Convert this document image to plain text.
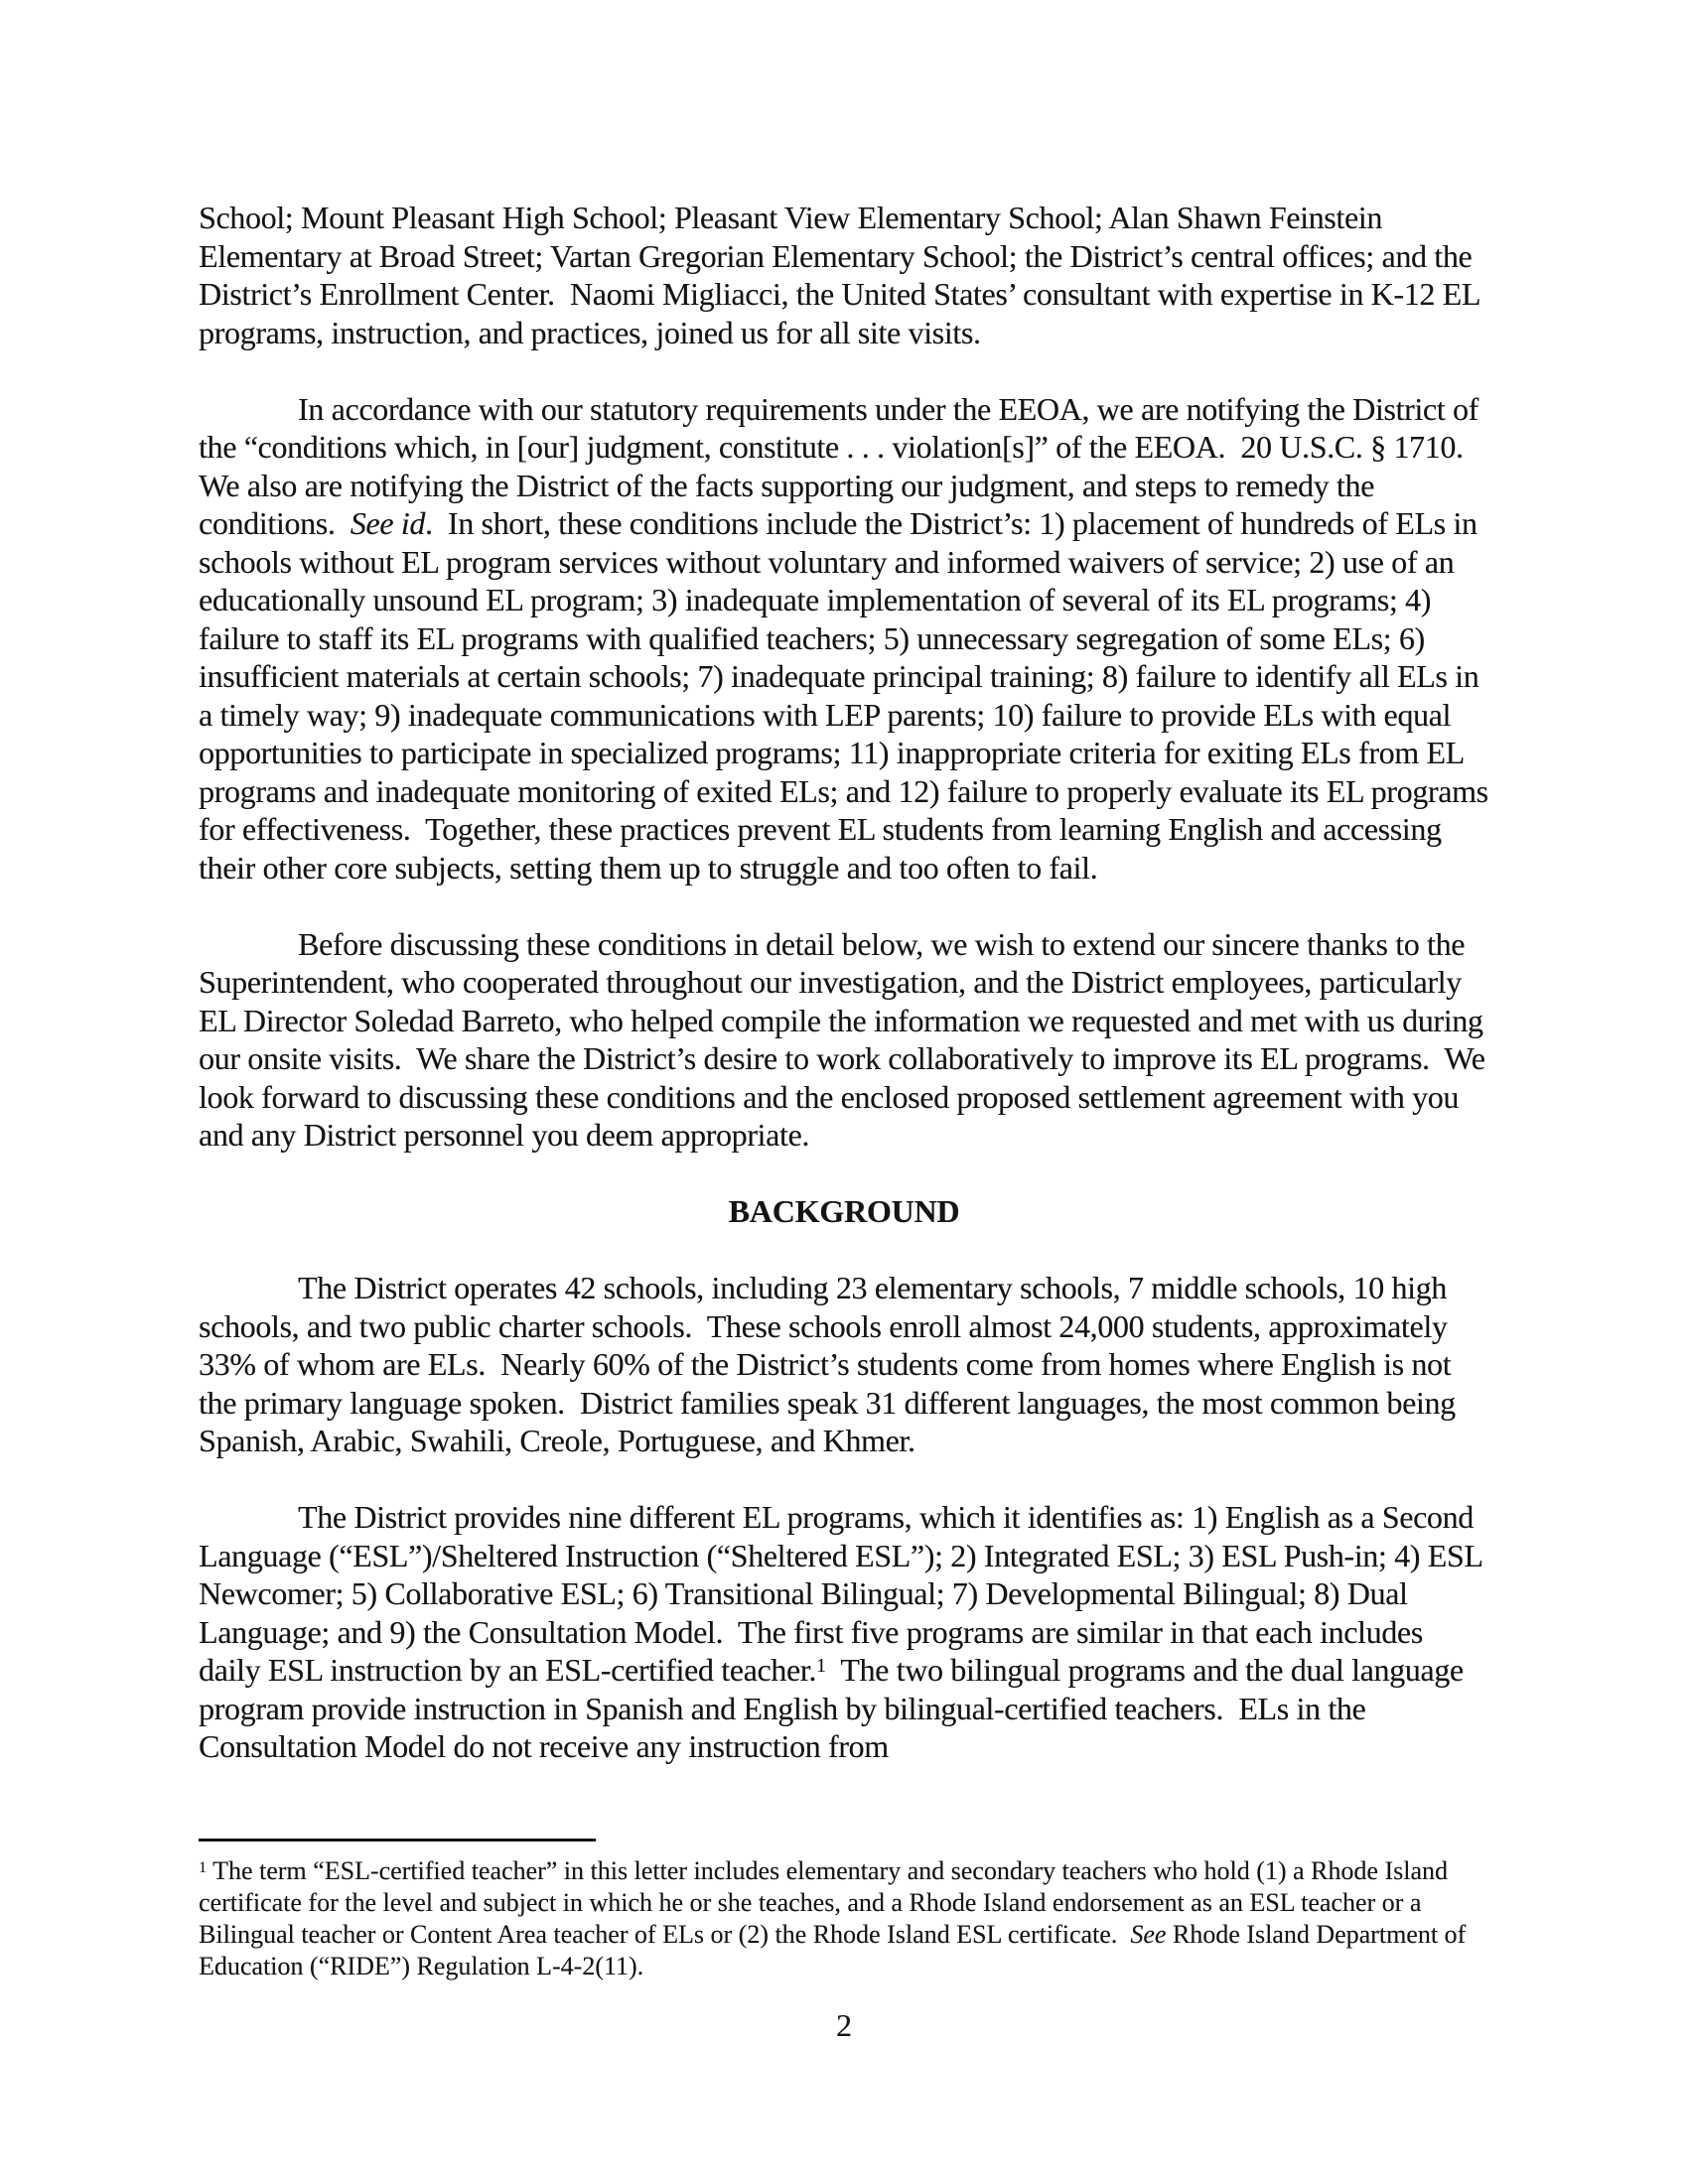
School; Mount Pleasant High School; Pleasant View Elementary School; Alan Shawn Feinstein Elementary at Broad Street; Vartan Gregorian Elementary School; the District’s central offices; and the District’s Enrollment Center.  Naomi Migliacci, the United States’ consultant with expertise in K-12 EL programs, instruction, and practices, joined us for all site visits.

In accordance with our statutory requirements under the EEOA, we are notifying the District of the “conditions which, in [our] judgment, constitute . . . violation[s]” of the EEOA.  20 U.S.C. § 1710.  We also are notifying the District of the facts supporting our judgment, and steps to remedy the conditions.  See id.  In short, these conditions include the District’s: 1) placement of hundreds of ELs in schools without EL program services without voluntary and informed waivers of service; 2) use of an educationally unsound EL program; 3) inadequate implementation of several of its EL programs; 4) failure to staff its EL programs with qualified teachers; 5) unnecessary segregation of some ELs; 6) insufficient materials at certain schools; 7) inadequate principal training; 8) failure to identify all ELs in a timely way; 9) inadequate communications with LEP parents; 10) failure to provide ELs with equal opportunities to participate in specialized programs; 11) inappropriate criteria for exiting ELs from EL programs and inadequate monitoring of exited ELs; and 12) failure to properly evaluate its EL programs for effectiveness.  Together, these practices prevent EL students from learning English and accessing their other core subjects, setting them up to struggle and too often to fail.

Before discussing these conditions in detail below, we wish to extend our sincere thanks to the Superintendent, who cooperated throughout our investigation, and the District employees, particularly EL Director Soledad Barreto, who helped compile the information we requested and met with us during our onsite visits.  We share the District’s desire to work collaboratively to improve its EL programs.  We look forward to discussing these conditions and the enclosed proposed settlement agreement with you and any District personnel you deem appropriate.

BACKGROUND

The District operates 42 schools, including 23 elementary schools, 7 middle schools, 10 high schools, and two public charter schools.  These schools enroll almost 24,000 students, approximately 33% of whom are ELs.  Nearly 60% of the District’s students come from homes where English is not the primary language spoken.  District families speak 31 different languages, the most common being Spanish, Arabic, Swahili, Creole, Portuguese, and Khmer.

The District provides nine different EL programs, which it identifies as: 1) English as a Second Language (“ESL”)/Sheltered Instruction (“Sheltered ESL”); 2) Integrated ESL; 3) ESL Push-in; 4) ESL Newcomer; 5) Collaborative ESL; 6) Transitional Bilingual; 7) Developmental Bilingual; 8) Dual Language; and 9) the Consultation Model.  The first five programs are similar in that each includes daily ESL instruction by an ESL-certified teacher.$^1$  The two bilingual programs and the dual language program provide instruction in Spanish and English by bilingual-certified teachers.  ELs in the Consultation Model do not receive any instruction from

$^1$ The term “ESL-certified teacher” in this letter includes elementary and secondary teachers who hold (1) a Rhode Island certificate for the level and subject in which he or she teaches, and a Rhode Island endorsement as an ESL teacher or a Bilingual teacher or Content Area teacher of ELs or (2) the Rhode Island ESL certificate.  See Rhode Island Department of Education (“RIDE”) Regulation L-4-2(11).

2
